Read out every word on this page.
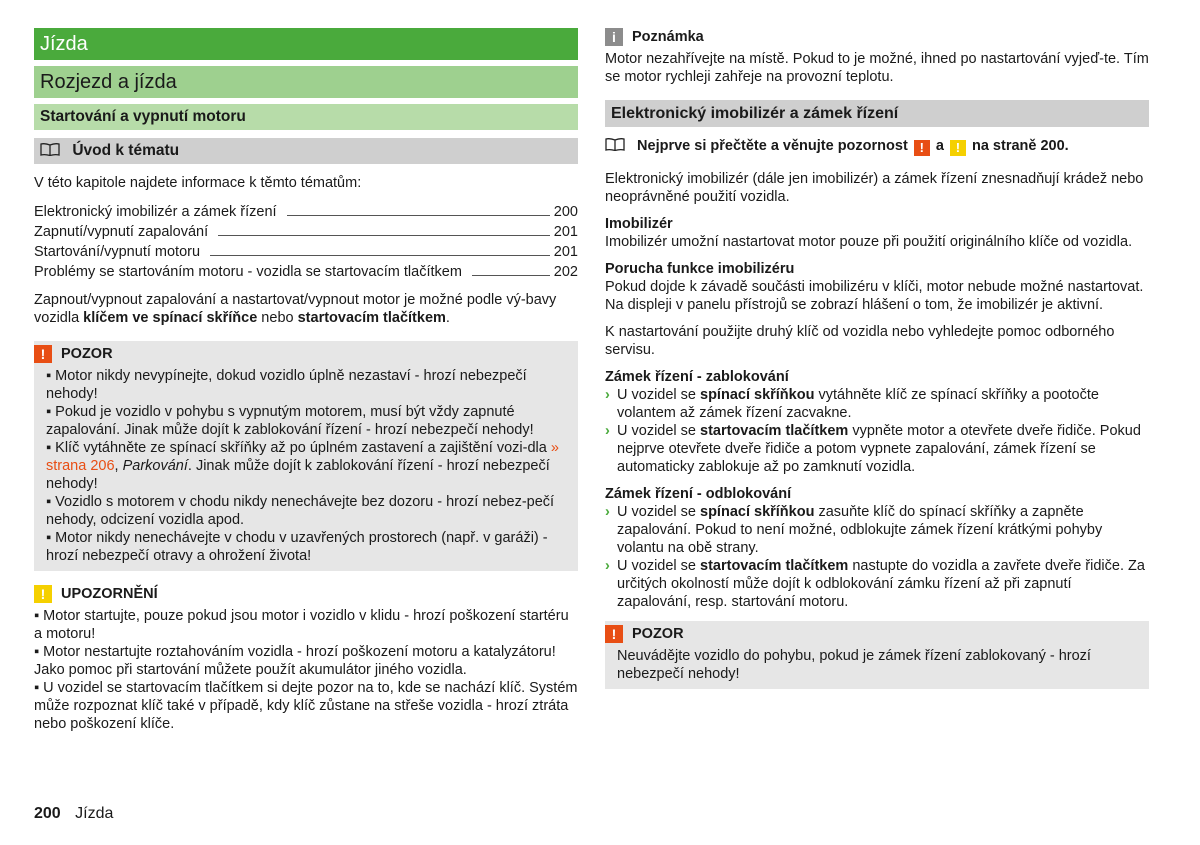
Jízda
Rozjezd a jízda
Startování a vypnutí motoru
Úvod k tématu

V této kapitole najdete informace k těmto tématům:

Elektronický imobilizér a zámek řízení	200
Zapnutí/vypnutí zapalování	201
Startování/vypnutí motoru	201
Problémy se startováním motoru - vozidla se startovacím tlačítkem	202

Zapnout/vypnout zapalování a nastartovat/vypnout motor je možné podle vý-bavy vozidla klíčem ve spínací skříňce nebo startovacím tlačítkem.

!	POZOR
▪ Motor nikdy nevypínejte, dokud vozidlo úplně nezastaví - hrozí nebezpečí nehody!
▪ Pokud je vozidlo v pohybu s vypnutým motorem, musí být vždy zapnuté zapalování. Jinak může dojít k zablokování řízení - hrozí nebezpečí nehody!
▪ Klíč vytáhněte ze spínací skříňky až po úplném zastavení a zajištění vozi-dla » strana 206, Parkování. Jinak může dojít k zablokování řízení - hrozí nebezpečí nehody!
▪ Vozidlo s motorem v chodu nikdy nenechávejte bez dozoru - hrozí nebez-pečí nehody, odcizení vozidla apod.
▪ Motor nikdy nenechávejte v chodu v uzavřených prostorech (např. v garáži) - hrozí nebezpečí otravy a ohrožení života!
!	UPOZORNĚNÍ
▪ Motor startujte, pouze pokud jsou motor i vozidlo v klidu - hrozí poškození startéru a motoru!
▪ Motor nestartujte roztahováním vozidla - hrozí poškození motoru a katalyzátoru! Jako pomoc při startování můžete použít akumulátor jiného vozidla.
▪ U vozidel se startovacím tlačítkem si dejte pozor na to, kde se nachází klíč. Systém může rozpoznat klíč také v případě, kdy klíč zůstane na střeše vozidla - hrozí ztráta nebo poškození klíče.
i	Poznámka
Motor nezahřívejte na místě. Pokud to je možné, ihned po nastartování vyjeď-te. Tím se motor rychleji zahřeje na provozní teplotu.
Elektronický imobilizér a zámek řízení

Nejprve si přečtěte a věnujte pozornost ! a ! na straně 200.

Elektronický imobilizér (dále jen imobilizér) a zámek řízení znesnadňují krádež nebo neoprávněné použití vozidla.

Imobilizér

Imobilizér umožní nastartovat motor pouze při použití originálního klíče od vozidla.

Porucha funkce imobilizéru

Pokud dojde k závadě součásti imobilizéru v klíči, motor nebude možné nastartovat. Na displeji v panelu přístrojů se zobrazí hlášení o tom, že imobilizér je aktivní.

K nastartování použijte druhý klíč od vozidla nebo vyhledejte pomoc odborného servisu.

Zámek řízení - zablokování
› U vozidel se spínací skříňkou vytáhněte klíč ze spínací skříňky a pootočte volantem až zámek řízení zacvakne.
› U vozidel se startovacím tlačítkem vypněte motor a otevřete dveře řidiče. Pokud nejprve otevřete dveře řidiče a potom vypnete zapalování, zámek řízení se automaticky zablokuje až po zamknutí vozidla.
Zámek řízení - odblokování
› U vozidel se spínací skříňkou zasuňte klíč do spínací skříňky a zapněte zapalování. Pokud to není možné, odblokujte zámek řízení krátkými pohyby volantu na obě strany.
› U vozidel se startovacím tlačítkem nastupte do vozidla a zavřete dveře řidiče. Za určitých okolností může dojít k odblokování zámku řízení až při zapnutí zapalování, resp. startování motoru.
!	POZOR
Neuvádějte vozidlo do pohybu, pokud je zámek řízení zablokovaný - hrozí nebezpečí nehody!
200 Jízda
